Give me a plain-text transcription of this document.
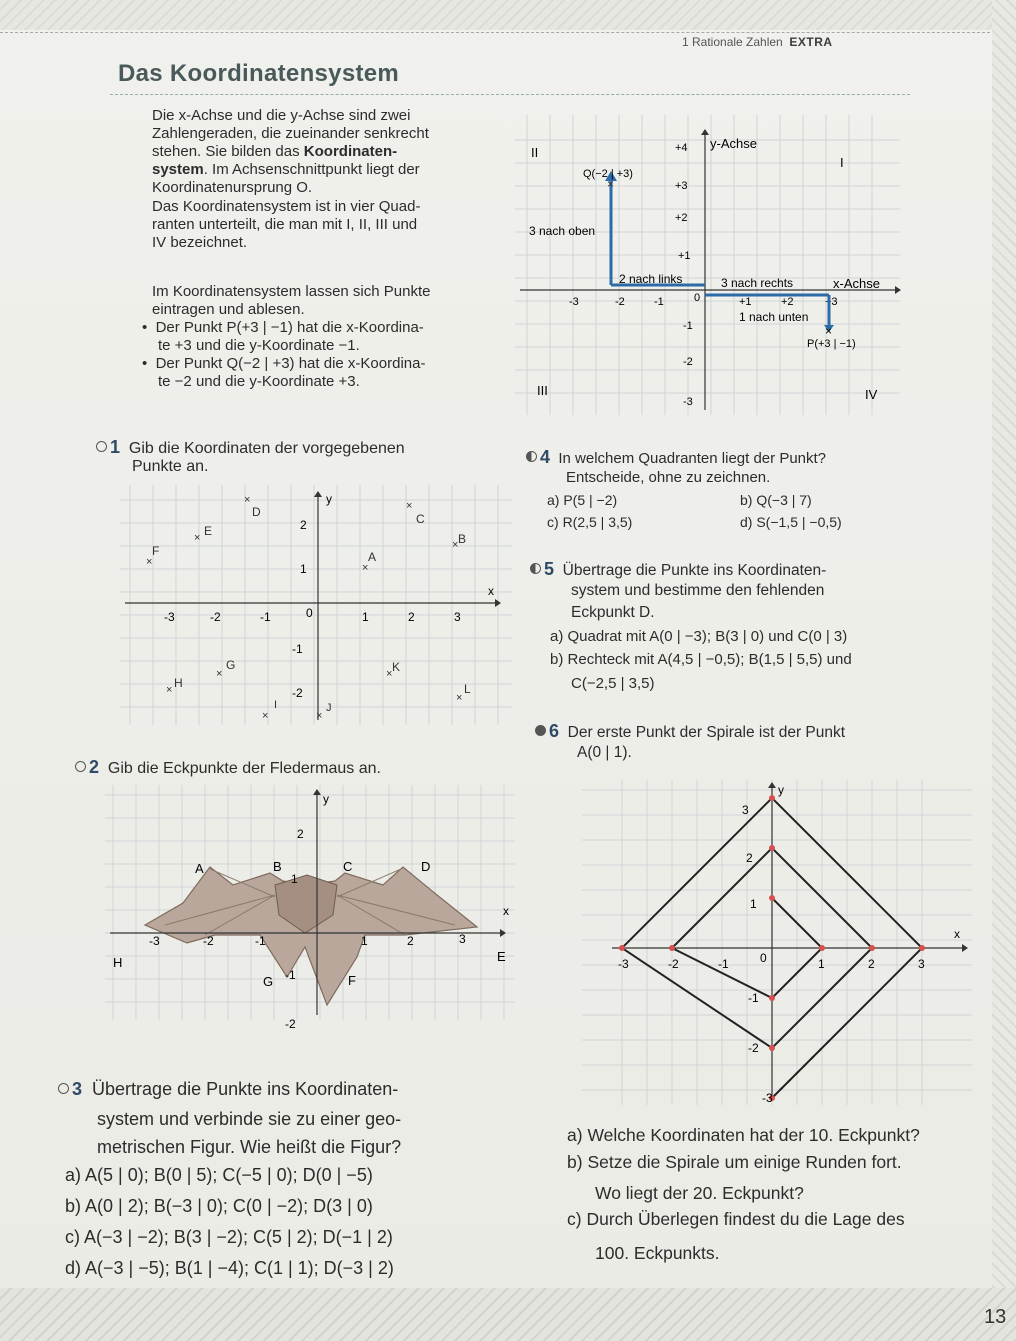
1 Rationale Zahlen EXTRA
Das Koordinatensystem
Die x-Achse und die y-Achse sind zwei
Zahlengeraden, die zueinander senkrecht
stehen. Sie bilden das Koordinaten-
system. Im Achsenschnittpunkt liegt der
Koordinatenursprung O.
Das Koordinatensystem ist in vier Quad-
ranten unterteilt, die man mit I, II, III und
IV bezeichnet.
Im Koordinatensystem lassen sich Punkte
eintragen und ablesen.
•  Der Punkt P(+3 | −1) hat die x-Koordina-
te +3 und die y-Koordinate −1.
•  Der Punkt Q(−2 | +3) hat die x-Koordina-
te −2 und die y-Koordinate +3.
y-Achse
x-Achse
II
I
III	IV
-3	-2	-1	0	+1	+2	+3
+4
+3
+2
+1
-1
-2
-3
Q(−2 | +3)
×
3 nach oben
2 nach links	3 nach rechts
1 nach unten
×
P(+3 | −1)
1 Gib die Koordinaten der vorgegebenen
Punkte an.
x
y
-3	-2	-1	0	1	2	3
2
1
-1
-2
×
A
× B
×
C
×
D
× E
×
F
×
G
× H
×
I
×
J
× K
×
L
2 Gib die Eckpunkte der Fledermaus an.
x
y
-3	-2	-1	1	2	3
2
1
-1
-2
A	B	C	D
E
F
G
H
3 Übertrage die Punkte ins Koordinaten-
system und verbinde sie zu einer geo-
metrischen Figur. Wie heißt die Figur?
a) A(5 | 0); B(0 | 5); C(−5 | 0); D(0 | −5)
b) A(0 | 2); B(−3 | 0); C(0 | −2); D(3 | 0)
c) A(−3 | −2); B(3 | −2); C(5 | 2); D(−1 | 2)
d) A(−3 | −5); B(1 | −4); C(1 | 1); D(−3 | 2)
4 In welchem Quadranten liegt der Punkt?
Entscheide, ohne zu zeichnen.
a) P(5 | −2)	b) Q(−3 | 7)
c) R(2,5 | 3,5)	d) S(−1,5 | −0,5)
5 Übertrage die Punkte ins Koordinaten-
system und bestimme den fehlenden
Eckpunkt D.
a) Quadrat mit A(0 | −3); B(3 | 0) und C(0 | 3)
b) Rechteck mit A(4,5 | −0,5); B(1,5 | 5,5) und
C(−2,5 | 3,5)
6 Der erste Punkt der Spirale ist der Punkt
A(0 | 1).
x
y
-3	-2	-1	0	1	2	3
3
2
1
-1
-2
-3
a) Welche Koordinaten hat der 10. Eckpunkt?
b) Setze die Spirale um einige Runden fort.
Wo liegt der 20. Eckpunkt?
c) Durch Überlegen findest du die Lage des
100. Eckpunkts.
13
